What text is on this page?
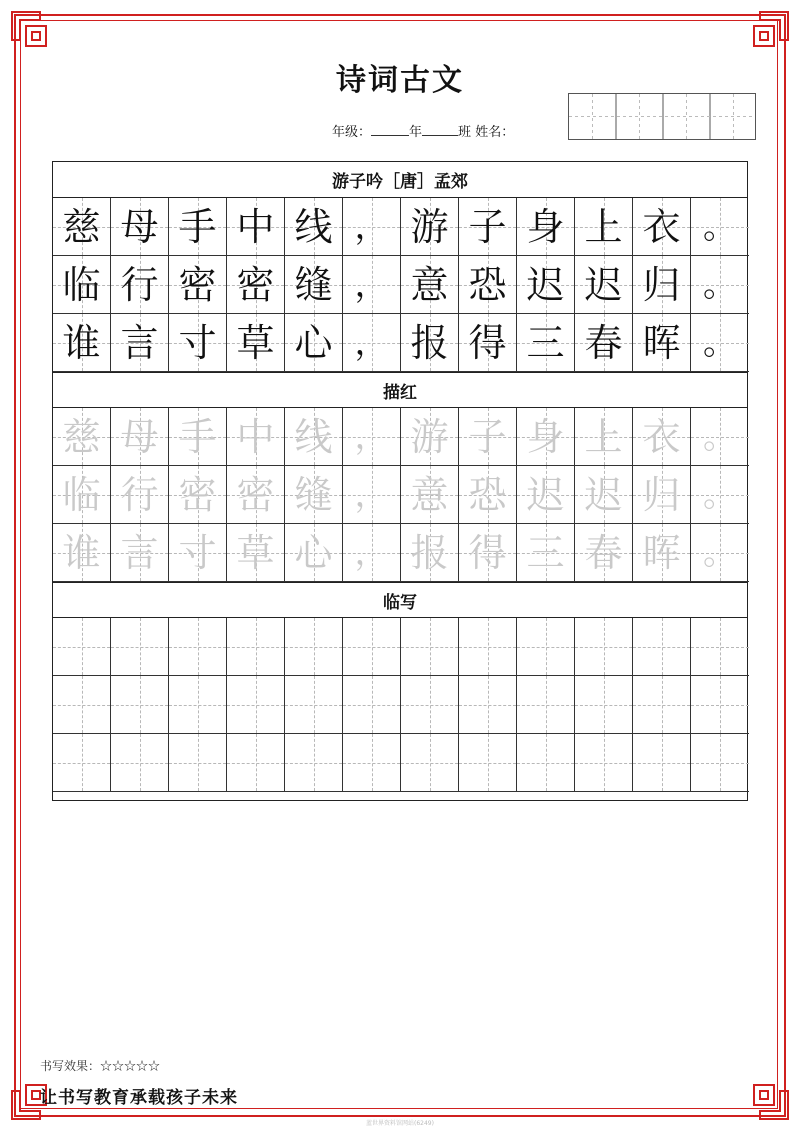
诗词古文
年级：	年	班 姓名：
游子吟［唐］孟郊
慈 母 手 中 线 ， 游 子 身 上 衣 。
临 行 密 密 缝 ， 意 恐 迟 迟 归 。
谁 言 寸 草 心 ， 报 得 三 春 晖 。
描红
慈 母 手 中 线 ， 游 子 身 上 衣 。
临 行 密 密 缝 ， 意 恐 迟 迟 归 。
谁 言 寸 草 心 ， 报 得 三 春 晖 。
临写
书写效果：☆☆☆☆☆
让书写教育承载孩子未来
蓝世界资料馆网站(6249)
